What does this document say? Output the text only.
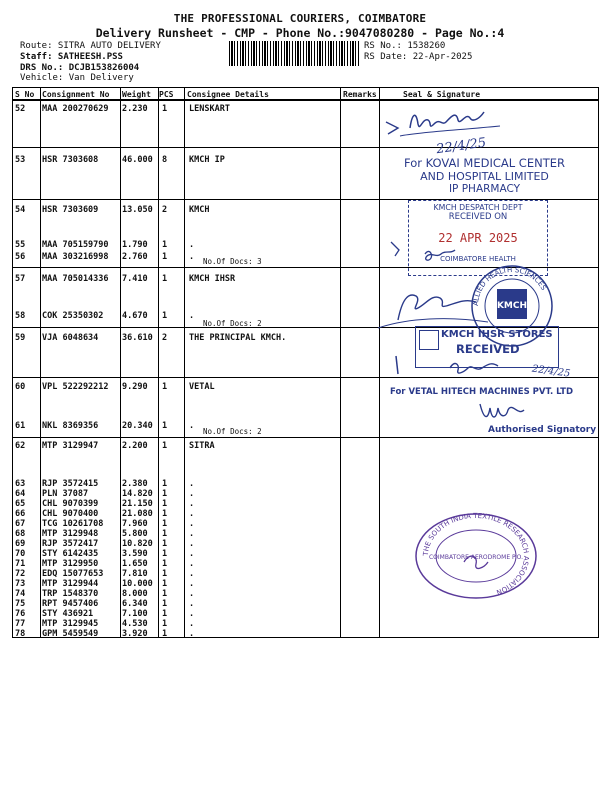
THE PROFESSIONAL COURIERS, COIMBATORE
Delivery Runsheet - CMP - Phone No.:9047080280 - Page No.:4
Route: SITRA AUTO DELIVERY
Staff: SATHEESH.PSS
DRS No.: DCJB15382600​4
Vehicle: Van Delivery
RS No.: 1538260
RS Date: 22-Apr-2025
S No Consignment No Weight PCS Consignee Details	Remarks	Seal & Signature
52 MAA 200270629 2.230 1	LENSKART
53 HSR 7303608	46.000 8	KMCH IP
54 HSR 7303609	13.050 2	KMCH
55 MAA 705159790 1.790 1	.
56 MAA 303216998 2.760 1	.
57 MAA 705014336 7.410 1	KMCH IHSR
58 COK 25350302 4.670 1	.
59 VJA 6048634	36.610 2	THE PRINCIPAL KMCH.
60 VPL 522292212 9.290 1	VETAL
61 NKL 8369356	20.340 1	.
62 MTP 3129947	2.200 1	SITRA
63 RJP 3572415	2.380 1	.
64 PLN 37087	14.820 1	.
65 CHL 9070399	21.150 1	.
66 CHL 9070400	21.080 1	.
67 TCG 10261708 7.960 1	.
68 MTP 3129948	5.800 1	.
69 RJP 3572417	10.820 1	.
70 STY 6142435	3.590 1	.
71 MTP 3129950	1.650 1	.
72 EDQ 15077653 7.810 1	.
73 MTP 3129944	10.000 1	.
74 TRP 1548370	8.000 1	.
75 RPT 9457406	6.340 1	.
76 STY 436921	7.100 1	.
77 MTP 3129945	4.530 1	.
78 GPM 5459549	3.920 1	.
No.Of Docs: 3
No.Of Docs: 2
No.Of Docs: 2
22/4/25
For KOVAI MEDICAL CENTER
AND HOSPITAL LIMITED
IP PHARMACY
KMCH DESPATCH DEPT
RECEIVED ON
22 APR 2025
COIMBATORE HEALTH
ALLIED HEALTH SCIENCES
KMCH
KMCH IHSR STORES
RECEIVED
22/4/25
For VETAL HITECH MACHINES PVT. LTD
Authorised Signatory
THE SOUTH INDIA TEXTILE RESEARCH ASSOCIATION
COIMBATORE AERODROME P.O.
